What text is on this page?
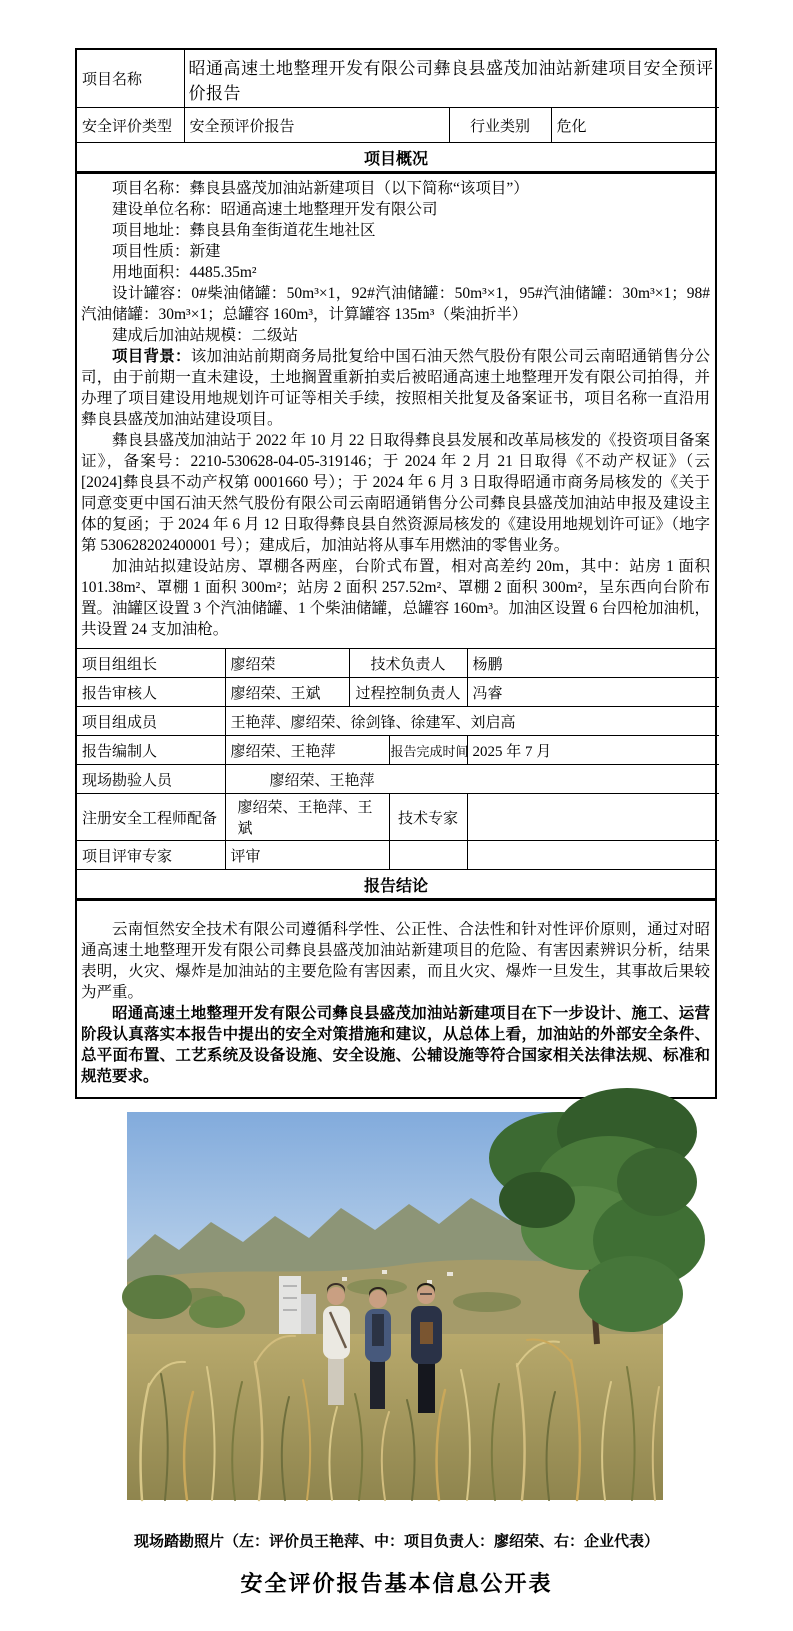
项目名称	昭通高速土地整理开发有限公司彝良县盛茂加油站新建项目安全预评价报告		
安全评价类型	安全预评价报告	行业类别	危化
项目概况

项目名称：彝良县盛茂加油站新建项目（以下简称“该项目”）

建设单位名称：昭通高速土地整理开发有限公司

项目地址：彝良县角奎街道花生地社区

项目性质：新建

用地面积：4485.35m²

设计罐容：0#柴油储罐：50m³×1，92#汽油储罐：50m³×1，95#汽油储罐：30m³×1；98#汽油储罐：30m³×1；总罐容 160m³，计算罐容 135m³（柴油折半）

建成后加油站规模：二级站

项目背景：该加油站前期商务局批复给中国石油天然气股份有限公司云南昭通销售分公司，由于前期一直未建设，土地搁置重新拍卖后被昭通高速土地整理开发有限公司拍得，并办理了项目建设用地规划许可证等相关手续，按照相关批复及备案证书，项目名称一直沿用彝良县盛茂加油站建设项目。

彝良县盛茂加油站于 2022 年 10 月 22 日取得彝良县发展和改革局核发的《投资项目备案证》，备案号：2210-530628-04-05-319146；于 2024 年 2 月 21 日取得《不动产权证》（云[2024]彝良县不动产权第 0001660 号）；于 2024 年 6 月 3 日取得昭通市商务局核发的《关于同意变更中国石油天然气股份有限公司云南昭通销售分公司彝良县盛茂加油站申报及建设主体的复函；于 2024 年 6 月 12 日取得彝良县自然资源局核发的《建设用地规划许可证》（地字第 530628202400001 号）；建成后，加油站将从事车用燃油的零售业务。

加油站拟建设站房、罩棚各两座，台阶式布置，相对高差约 20m，其中：站房 1 面积 101.38m²、罩棚 1 面积 300m²；站房 2 面积 257.52m²、罩棚 2 面积 300m²，呈东西向台阶布置。油罐区设置 3 个汽油储罐、1 个柴油储罐，总罐容 160m³。加油区设置 6 台四枪加油机，共设置 24 支加油枪。

项目组组长	廖绍荣	技术负责人		杨鹏
报告审核人	廖绍荣、王斌	过程控制负责人		冯睿
项目组成员	王艳萍、廖绍荣、徐剑锋、徐建军、刘启高			
报告编制人	廖绍荣、王艳萍		报告完成时间	2025 年 7 月
现场勘验人员	廖绍荣、王艳萍			
注册安全工程师配备	廖绍荣、王艳萍、王斌		技术专家	
项目评审专家	评审			
报告结论

云南恒然安全技术有限公司遵循科学性、公正性、合法性和针对性评价原则，通过对昭通高速土地整理开发有限公司彝良县盛茂加油站新建项目的危险、有害因素辨识分析，结果表明，火灾、爆炸是加油站的主要危险有害因素，而且火灾、爆炸一旦发生，其事故后果较为严重。

昭通高速土地整理开发有限公司彝良县盛茂加油站新建项目在下一步设计、施工、运营阶段认真落实本报告中提出的安全对策措施和建议，从总体上看，加油站的外部安全条件、总平面布置、工艺系统及设备设施、安全设施、公辅设施等符合国家相关法律法规、标准和规范要求。

现场踏勘照片（左：评价员王艳萍、中：项目负责人：廖绍荣、右：企业代表）
安全评价报告基本信息公开表
